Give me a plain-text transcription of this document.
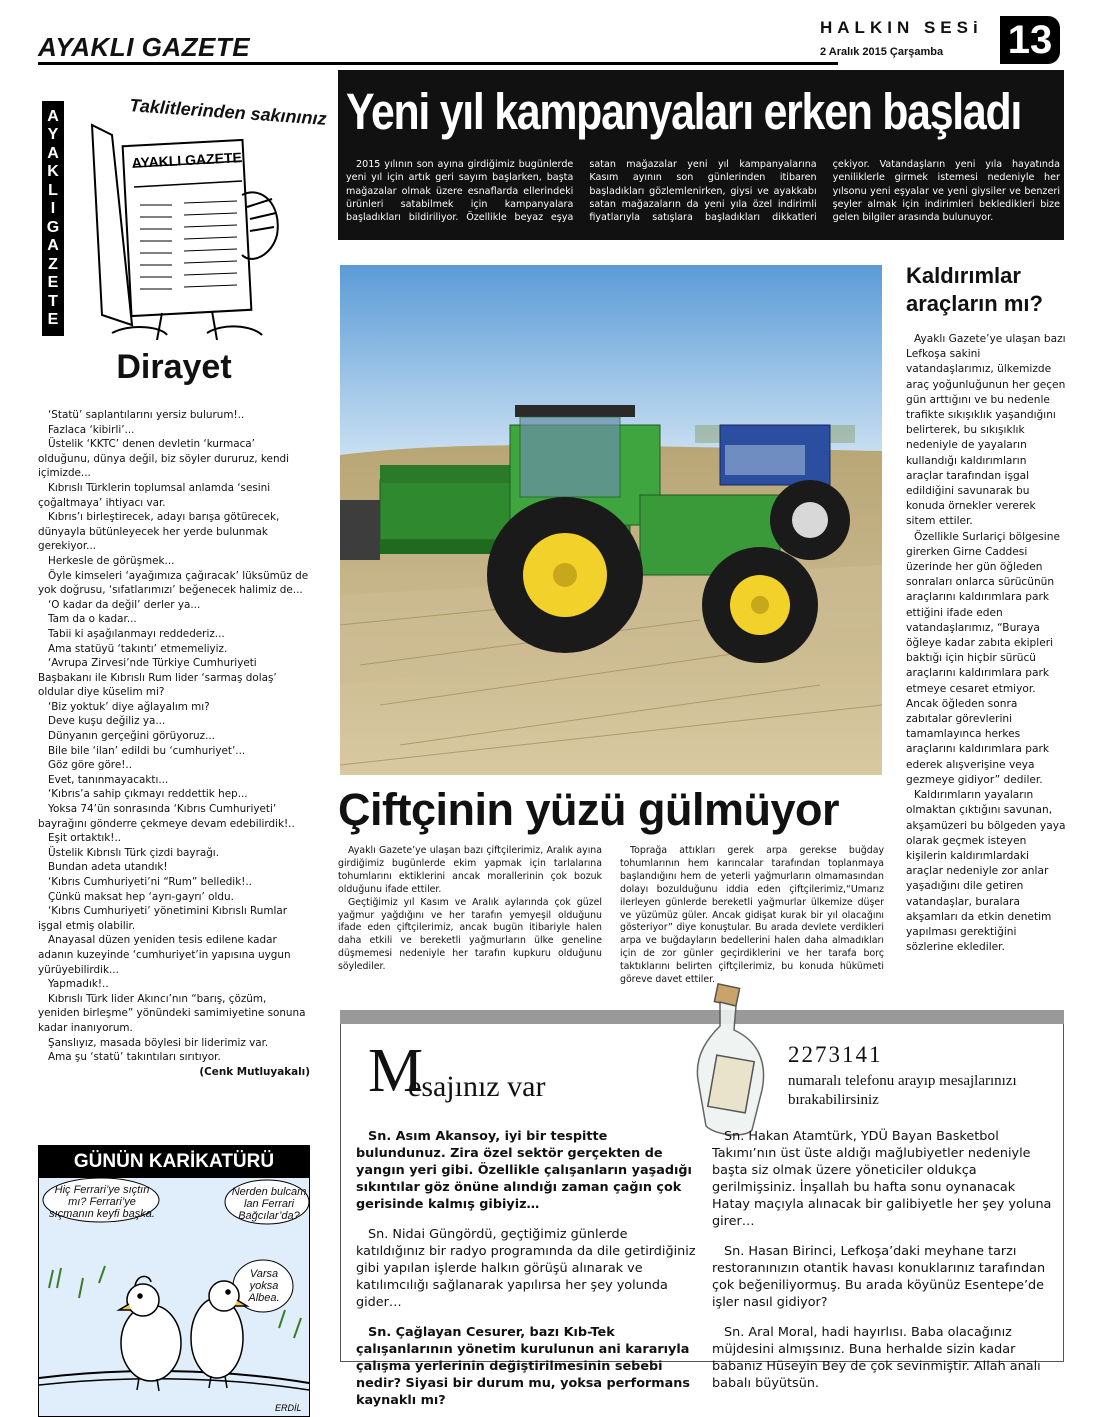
AYAKLI GAZETE
HALKIN SESi
2 Aralık 2015 Çarşamba	13
A
Y
A
K
L
I
G
A
Z
E
T
E
AYAKLI GAZETE
Taklitlerinden sakınınız
Dirayet

‘Statü’ saplantılarını yersiz bulurum!..

Fazlaca ‘kibirli’...

Üstelik ‘KKTC’ denen devletin ‘kurmaca’ olduğunu, dünya değil, biz söyler dururuz, kendi içimizde...

Kıbrıslı Türklerin toplumsal anlamda ‘sesini çoğaltmaya’ ihtiyacı var.

Kıbrıs’ı birleştirecek, adayı barışa götürecek, dünyayla bütünleyecek her yerde bulunmak gerekiyor...

Herkesle de görüşmek...

Öyle kimseleri ‘ayağımıza çağıracak’ lüksümüz de yok doğrusu, ‘sıfatlarımızı’ beğenecek halimiz de...

‘O kadar da değil’ derler ya...

Tam da o kadar...

Tabii ki aşağılanmayı reddederiz...

Ama statüyü ‘takıntı’ etmemeliyiz.

‘Avrupa Zirvesi’nde Türkiye Cumhuriyeti Başbakanı ile Kıbrıslı Rum lider ‘sarmaş dolaş’ oldular diye küselim mi?

‘Biz yoktuk’ diye ağlayalım mı?

Deve kuşu değiliz ya...

Dünyanın gerçeğini görüyoruz...

Bile bile ‘ilan’ edildi bu ‘cumhuriyet’...

Göz göre göre!..

Evet, tanınmayacaktı...

‘Kıbrıs’a sahip çıkmayı reddettik hep...

Yoksa 74’ün sonrasında ‘Kıbrıs Cumhuriyeti’ bayrağını gönderre çekmeye devam edebilirdik!..

Eşit ortaktık!..

Üstelik Kıbrıslı Türk çizdi bayrağı.

Bundan adeta utandık!

‘Kıbrıs Cumhuriyeti’ni “Rum” belledik!..

Çünkü maksat hep ‘ayrı-gayrı’ oldu.

‘Kıbrıs Cumhuriyeti’ yönetimini Kıbrıslı Rumlar işgal etmiş olabilir.

Anayasal düzen yeniden tesis edilene kadar adanın kuzeyinde ‘cumhuriyet’in yapısına uygun yürüyebilirdik...

Yapmadık!..

Kıbrıslı Türk lider Akıncı’nın “barış, çözüm, yeniden birleşme” yönündeki samimiyetine sonuna kadar inanıyorum.

Şanslıyız, masada böylesi bir liderimiz var.

Ama şu ‘statü’ takıntıları sırıtıyor.

(Cenk Mutluyakalı)

GÜNÜN KARİKATÜRÜ
ERDİL
Hiç Ferrari’ye sıçtın mı? Ferrari’ye sıçmanın keyfi başka.
Nerden bulcam lan Ferrari Bağcılar’da?
Varsa yoksa Albea.
Yeni yıl kampanyaları erken başladı

2015 yılının son ayına girdiğimiz bugünlerde yeni yıl için artık geri sayım başlarken, başta mağazalar olmak üzere esnaflarda ellerindeki ürünleri satabilmek için kampanyalara başladıkları bildiriliyor. Özellikle beyaz eşya satan mağazalar yeni yıl kampanyalarına Kasım ayının son günlerinden itibaren başladıkları gözlemlenirken, giysi ve ayakkabı satan mağazaların da yeni yıla özel indirimli fiyatlarıyla satışlara başladıkları dikkatleri çekiyor. Vatandaşların yeni yıla hayatında yeniliklerle girmek istemesi nedeniyle her yılsonu yeni eşyalar ve yeni giysiler ve benzeri şeyler almak için indirimleri bekledikleri bize gelen bilgiler arasında bulunuyor.

Kaldırımlar araçların mı?

Ayaklı Gazete’ye ulaşan bazı Lefkoşa sakini vatandaşlarımız, ülkemizde araç yoğunluğunun her geçen gün arttığını ve bu nedenle trafikte sıkışıklık yaşandığını belirterek, bu sıkışıklık nedeniyle de yayaların kullandığı kaldırımların araçlar tarafından işgal edildiğini savunarak bu konuda örnekler vererek sitem ettiler.

Özellikle Surlariçi bölgesine girerken Girne Caddesi üzerinde her gün öğleden sonraları onlarca sürücünün araçlarını kaldırımlara park ettiğini ifade eden vatandaşlarımız, “Buraya öğleye kadar zabıta ekipleri baktığı için hiçbir sürücü araçlarını kaldırımlara park etmeye cesaret etmiyor. Ancak öğleden sonra zabıtalar görevlerini tamamlayınca herkes araçlarını kaldırımlara park ederek alışverişine veya gezmeye gidiyor” dediler.

Kaldırımların yayaların olmaktan çıktığını savunan, akşamüzeri bu bölgeden yaya olarak geçmek isteyen kişilerin kaldırımlardaki araçlar nedeniyle zor anlar yaşadığını dile getiren vatandaşlar, buralara akşamları da etkin denetim yapılması gerektiğini sözlerine eklediler.

Çiftçinin yüzü gülmüyor

Ayaklı Gazete’ye ulaşan bazı çiftçilerimiz, Aralık ayına girdiğimiz bugünlerde ekim yapmak için tarlalarına tohumlarını ektiklerini ancak morallerinin çok bozuk olduğunu ifade ettiler.

Geçtiğimiz yıl Kasım ve Aralık aylarında çok güzel yağmur yağdığını ve her tarafın yemyeşil olduğunu ifade eden çiftçilerimiz, ancak bugün itibariyle halen daha etkili ve bereketli yağmurların ülke geneline düşmemesi nedeniyle her tarafın kupkuru olduğunu söylediler.

Toprağa attıkları gerek arpa gerekse buğday tohumlarının hem karıncalar tarafından toplanmaya başlandığını hem de yeterli yağmurların olmamasından dolayı bozulduğunu iddia eden çiftçilerimiz,“Umarız ilerleyen günlerde bereketli yağmurlar ülkemize düşer ve yüzümüz güler. Ancak gidişat kurak bir yıl olacağını gösteriyor” diye konuştular. Bu arada devlete verdikleri arpa ve buğdayların bedellerini halen daha almadıkları için de zor günler geçirdiklerini ve her tarafa borç taktıklarını belirten çiftçilerimiz, bu konuda hükümeti göreve davet ettiler.

M
esajınız var
2273141
numaralı telefonu arayıp mesajlarınızı bırakabilirsiniz

Sn. Asım Akansoy, iyi bir tespitte bulundunuz. Zira özel sektör gerçekten de yangın yeri gibi. Özellikle çalışanların yaşadığı sıkıntılar göz önüne alındığı zaman çağın çok gerisinde kalmış gibiyiz…

Sn. Nidai Güngördü, geçtiğimiz günlerde katıldığınız bir radyo programında da dile getirdiğiniz gibi yapılan işlerde halkın görüşü alınarak ve katılımcılığı sağlanarak yapılırsa her şey yolunda gider…

Sn. Çağlayan Cesurer, bazı Kıb-Tek çalışanlarının yönetim kurulunun ani kararıyla çalışma yerlerinin değiştirilmesinin sebebi nedir? Siyasi bir durum mu, yoksa performans kaynaklı mı?

Sn. Hakan Atamtürk, YDÜ Bayan Basketbol Takımı’nın üst üste aldığı mağlubiyetler nedeniyle başta siz olmak üzere yöneticiler oldukça gerilmişsiniz. İnşallah bu hafta sonu oynanacak Hatay maçıyla alınacak bir galibiyetle her şey yoluna girer…

Sn. Hasan Birinci, Lefkoşa’daki meyhane tarzı restoranınızın otantik havası konuklarınız tarafından çok beğeniliyormuş. Bu arada köyünüz Esentepe’de işler nasıl gidiyor?

Sn. Aral Moral, hadi hayırlısı. Baba olacağınız müjdesini almışsınız. Buna herhalde sizin kadar babanız Hüseyin Bey de çok sevinmiştir. Allah analı babalı büyütsün.
